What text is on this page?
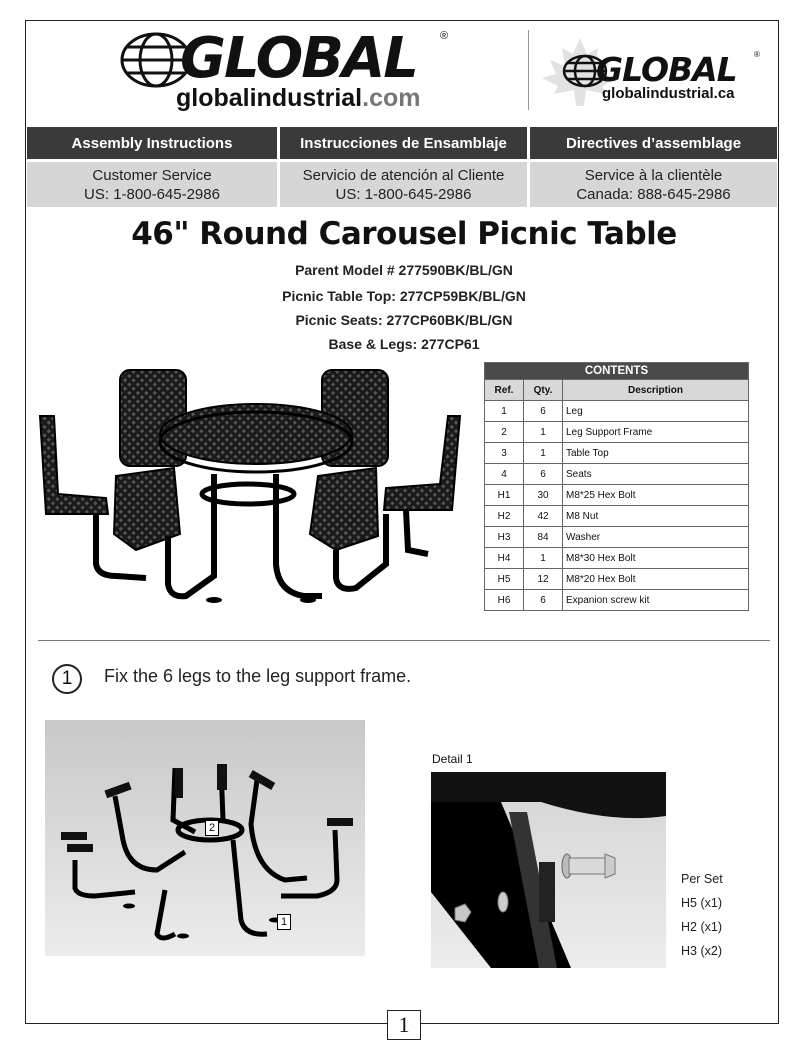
GLOBAL ®
globalindustrial.com
GLOBAL ®
globalindustrial.ca
Assembly Instructions	Instrucciones de Ensamblaje	Directives d’assemblage
Customer Service
US: 1-800-645-2986
Servicio de atención al Cliente
US: 1-800-645-2986
Service à la clientèle
Canada: 888-645-2986
46" Round Carousel Picnic Table
Parent Model # 277590BK/BL/GN
Picnic Table Top: 277CP59BK/BL/GN
Picnic Seats: 277CP60BK/BL/GN
Base & Legs: 277CP61
CONTENTS		
Ref.	Qty.	Description
1	6	Leg
2	1	Leg Support Frame
3	1	Table Top
4	6	Seats
H1	30	M8*25 Hex Bolt
H2	42	M8 Nut
H3	84	Washer
H4	1	M8*30 Hex Bolt
H5	12	M8*20 Hex Bolt
H6	6	Expanion screw kit
1	Fix the 6 legs to the leg support frame.
2
1
Detail 1
Per Set
H5 (x1)
H2 (x1)
H3 (x2)
1
